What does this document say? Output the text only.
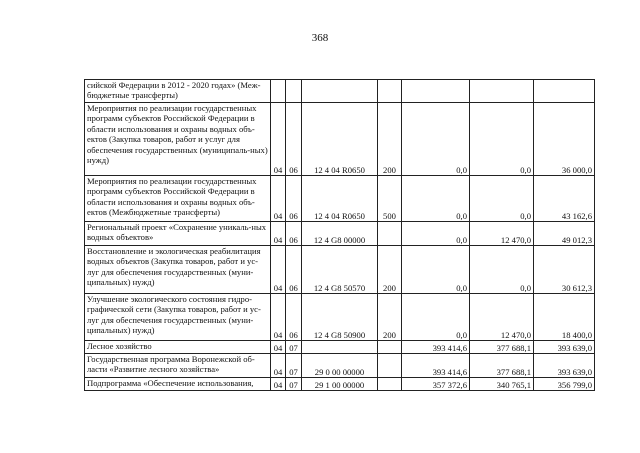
368
сийской Федерации в 2012 - 2020 годах» (Меж-бюджетные трансферты)							
Мероприятия по реализации государственных программ субъектов Российской Федерации в области использования и охраны водных объ-ектов (Закупка товаров, работ и услуг для обеспечения государственных (муниципаль-ных) нужд)	04	06	12 4 04 R0650	200	0,0	0,0	36 000,0
Мероприятия по реализации государственных программ субъектов Российской Федерации в области использования и охраны водных объ-ектов (Межбюджетные трансферты)	04	06	12 4 04 R0650	500	0,0	0,0	43 162,6
Региональный проект «Сохранение уникаль-ных водных объектов»	04	06	12 4 G8 00000		0,0	12 470,0	49 012,3
Восстановление и экологическая реабилитация водных объектов (Закупка товаров, работ и ус-луг для обеспечения государственных (муни-ципальных) нужд)	04	06	12 4 G8 50570	200	0,0	0,0	30 612,3
Улучшение экологического состояния гидро-графической сети (Закупка товаров, работ и ус-луг для обеспечения государственных (муни-ципальных) нужд)	04	06	12 4 G8 50900	200	0,0	12 470,0	18 400,0
Лесное хозяйство	04	07			393 414,6	377 688,1	393 639,0
Государственная программа Воронежской об-ласти «Развитие лесного хозяйства»	04	07	29 0 00 00000		393 414,6	377 688,1	393 639,0
Подпрограмма «Обеспечение использования,	04	07	29 1 00 00000		357 372,6	340 765,1	356 799,0
